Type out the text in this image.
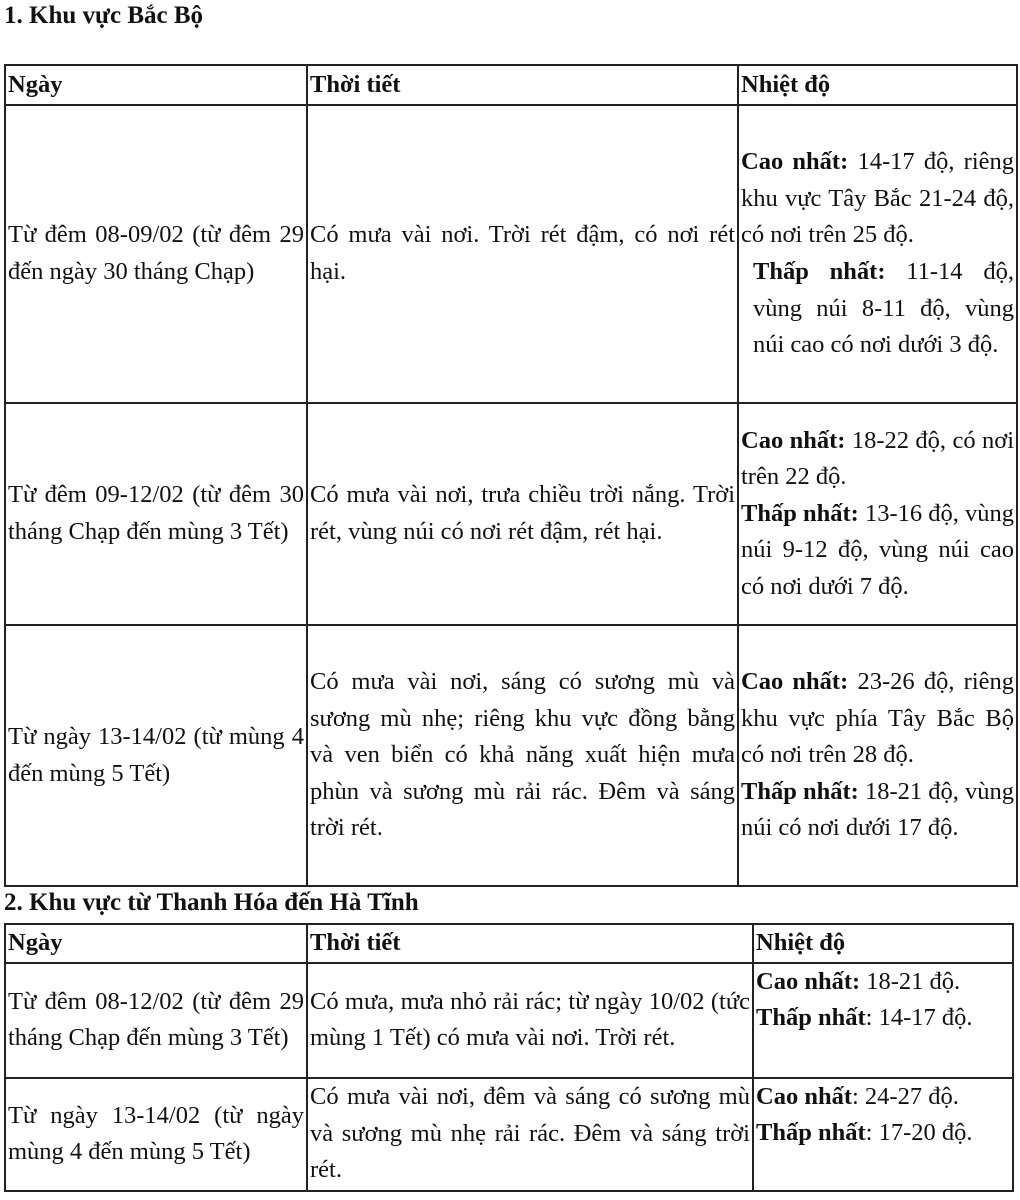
1. Khu vực Bắc Bộ
Ngày	Thời tiết	Nhiệt độ

Từ đêm 08-09/02 (từ đêm 29 đến ngày 30 tháng Chạp)	Có mưa vài nơi. Trời rét đậm, có nơi rét hại.	Cao nhất: 14-17 độ, riêng khu vực Tây Bắc 21-24 độ, có nơi trên 25 độ.
Thấp nhất: 11-14 độ, vùng núi 8-11 độ, vùng núi cao có nơi dưới 3 độ.

Từ đêm 09-12/02 (từ đêm 30 tháng Chạp đến mùng 3 Tết)	Có mưa vài nơi, trưa chiều trời nắng. Trời rét, vùng núi có nơi rét đậm, rét hại.	Cao nhất: 18-22 độ, có nơi trên 22 độ.
Thấp nhất: 13-16 độ, vùng núi 9-12 độ, vùng núi cao có nơi dưới 7 độ.

Từ ngày 13-14/02 (từ mùng 4 đến mùng 5 Tết)	Có mưa vài nơi, sáng có sương mù và sương mù nhẹ; riêng khu vực đồng bằng và ven biển có khả năng xuất hiện mưa phùn và sương mù rải rác. Đêm và sáng trời rét.	Cao nhất: 23-26 độ, riêng khu vực phía Tây Bắc Bộ có nơi trên 28 độ.
Thấp nhất: 18-21 độ, vùng núi có nơi dưới 17 độ.
2. Khu vực từ Thanh Hóa đến Hà Tĩnh
Ngày	Thời tiết	Nhiệt độ

Từ đêm 08-12/02 (từ đêm 29 tháng Chạp đến mùng 3 Tết)	Có mưa, mưa nhỏ rải rác; từ ngày 10/02 (tức mùng 1 Tết) có mưa vài nơi. Trời rét.	Cao nhất: 18-21 độ.
Thấp nhất: 14-17 độ.

Từ ngày 13-14/02 (từ ngày mùng 4 đến mùng 5 Tết)	Có mưa vài nơi, đêm và sáng có sương mù và sương mù nhẹ rải rác. Đêm và sáng trời rét.	Cao nhất: 24-27 độ.
Thấp nhất: 17-20 độ.
